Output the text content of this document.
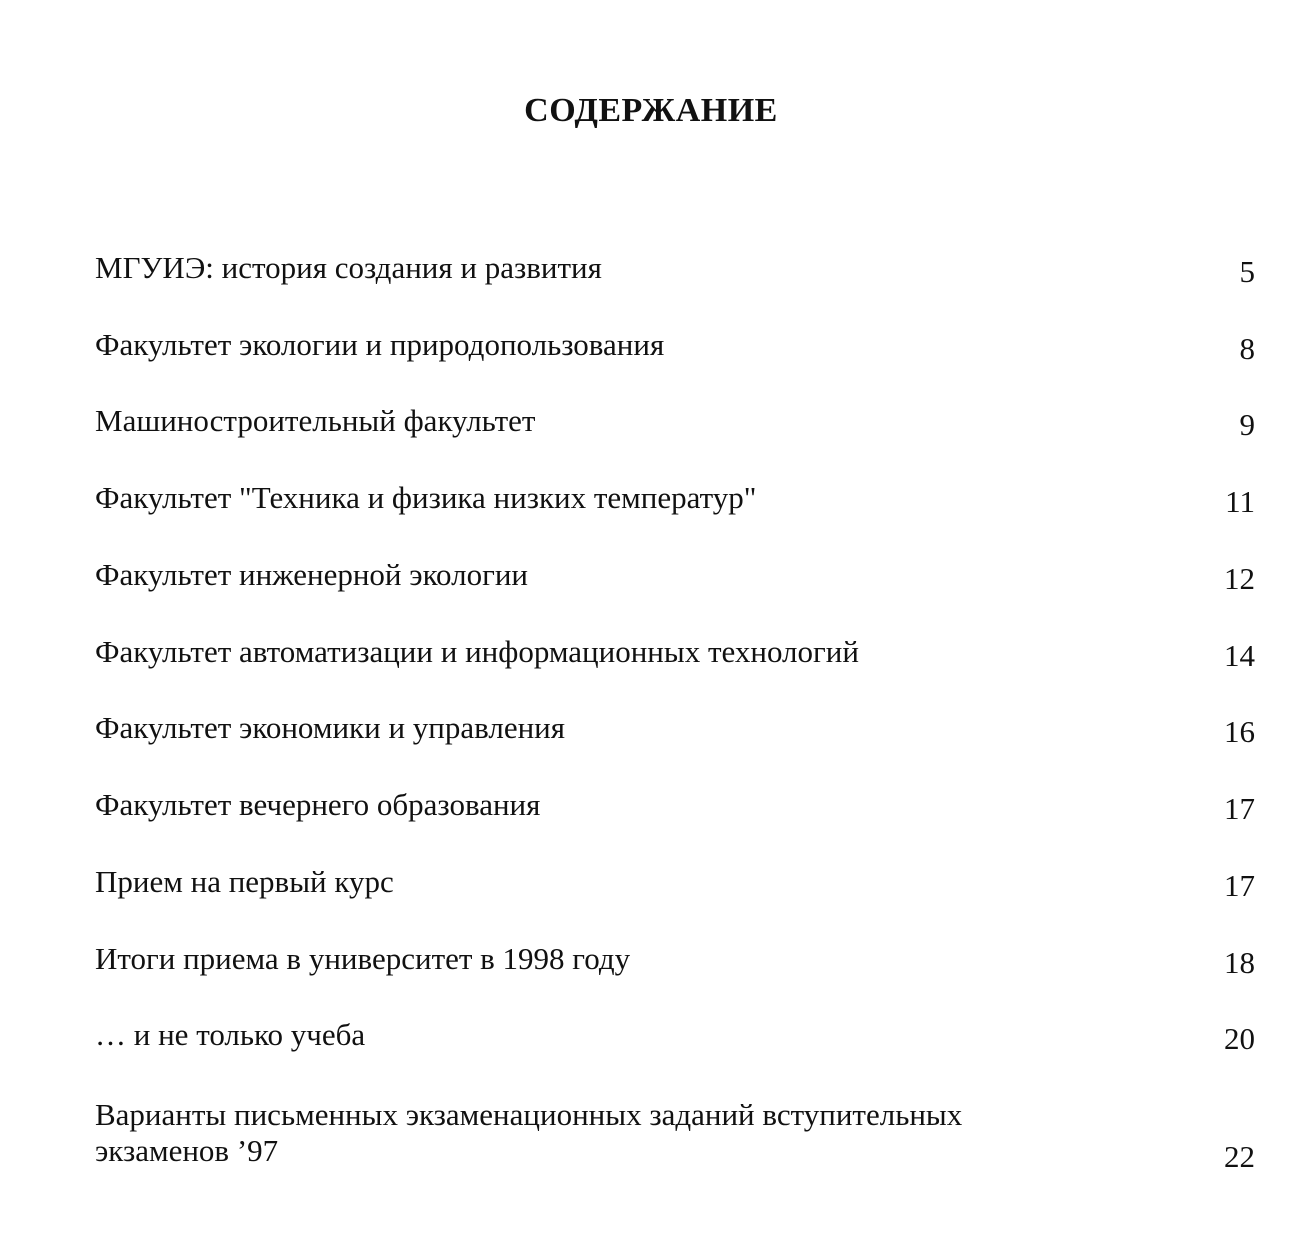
СОДЕРЖАНИЕ
МГУИЭ: история создания и развития	5
Факультет экологии и природопользования	8
Машиностроительный факультет	9
Факультет "Техника и физика низких температур"	11
Факультет инженерной экологии	12
Факультет автоматизации и информационных технологий	14
Факультет экономики и управления	16
Факультет вечернего образования	17
Прием на первый курс	17
Итоги приема в университет в 1998 году	18
… и не только учеба	20
Варианты письменных экзаменационных заданий вступительных экзаменов ’97	22
